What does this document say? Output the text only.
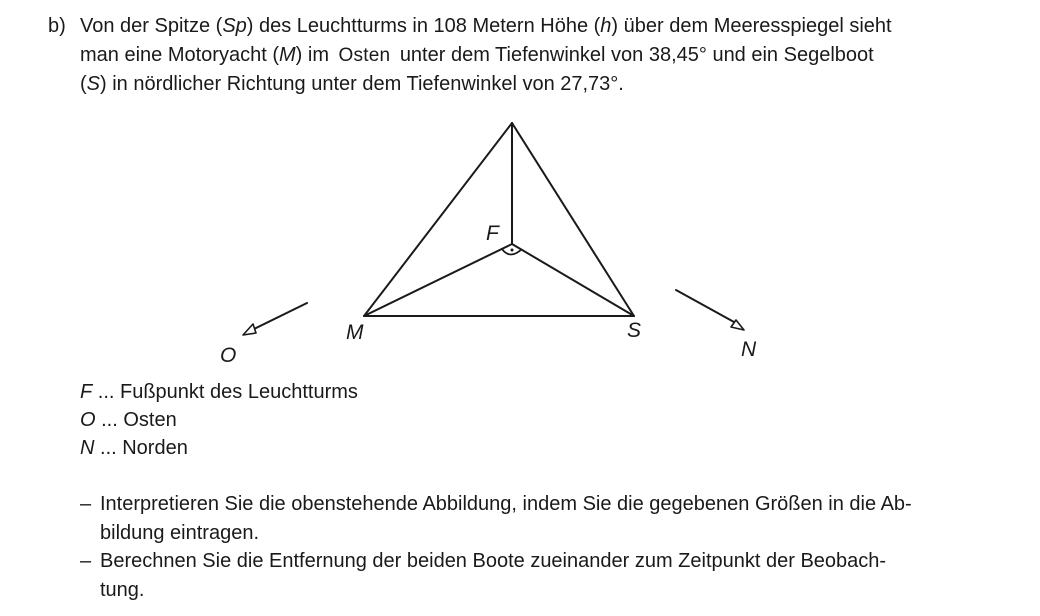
b) Von der Spitze (Sp) des Leuchtturms in 108 Metern Höhe (h) über dem Meeresspiegel sieht
man eine Motoryacht (M) im Osten unter dem Tiefenwinkel von 38,45° und ein Segelboot
(S) in nördlicher Richtung unter dem Tiefenwinkel von 27,73°.
F
M	S
O	N
F ... Fußpunkt des Leuchtturms
O ... Osten
N ... Norden
– Interpretieren Sie die obenstehende Abbildung, indem Sie die gegebenen Größen in die Ab-
bildung eintragen.
– Berechnen Sie die Entfernung der beiden Boote zueinander zum Zeitpunkt der Beobach-
tung.
